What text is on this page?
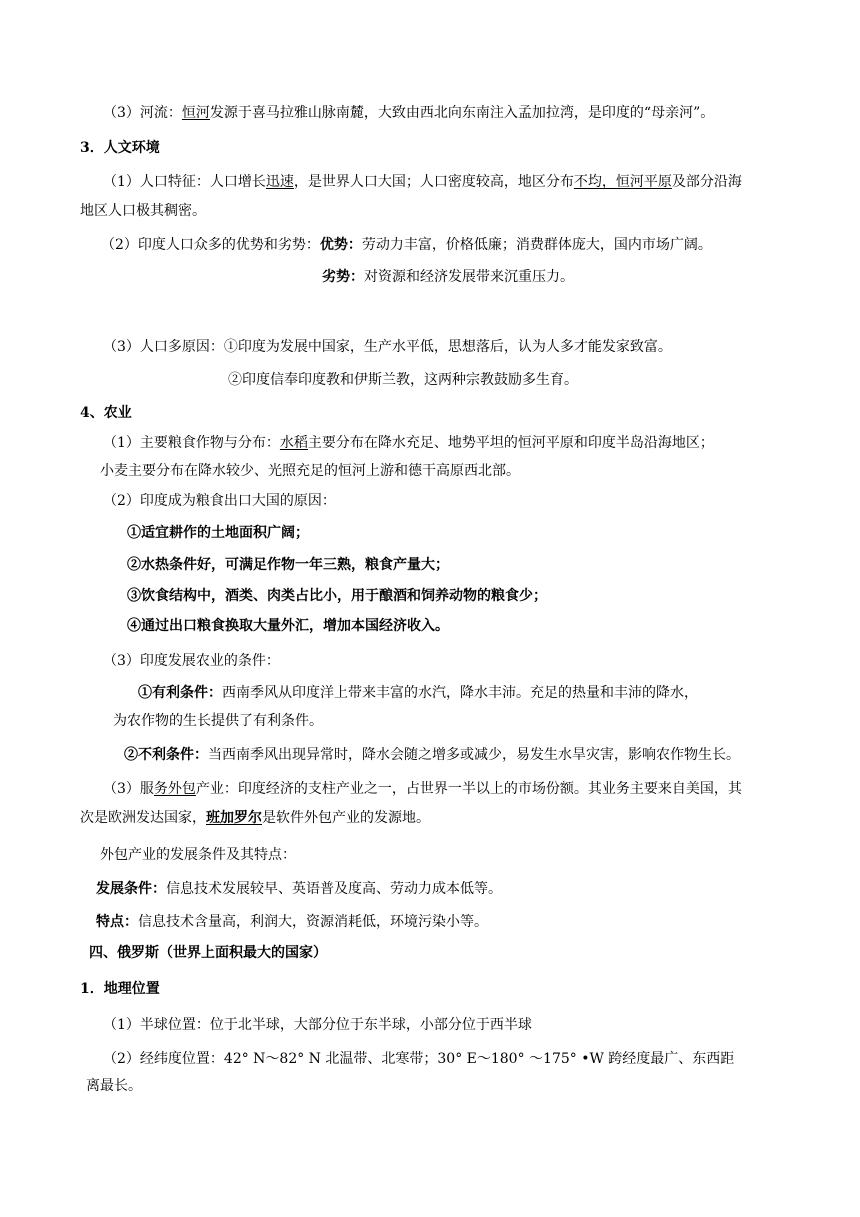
（3）河流：恒河发源于喜马拉雅山脉南麓，大致由西北向东南注入孟加拉湾，是印度的“母亲河”。
3．人文环境
（1）人口特征：人口增长迅速，是世界人口大国；人口密度较高，地区分布不均，恒河平原及部分沿海
地区人口极其稠密。
（2）印度人口众多的优势和劣势：优势：劳动力丰富，价格低廉；消费群体庞大，国内市场广阔。
劣势：对资源和经济发展带来沉重压力。
（3）人口多原因：①印度为发展中国家，生产水平低，思想落后，认为人多才能发家致富。
②印度信奉印度教和伊斯兰教，这两种宗教鼓励多生育。
4、农业
（1）主要粮食作物与分布：水稻主要分布在降水充足、地势平坦的恒河平原和印度半岛沿海地区；
小麦主要分布在降水较少、光照充足的恒河上游和德干高原西北部。
（2）印度成为粮食出口大国的原因：
①适宜耕作的土地面积广阔；
②水热条件好，可满足作物一年三熟，粮食产量大；
③饮食结构中，酒类、肉类占比小，用于酿酒和饲养动物的粮食少；
④通过出口粮食换取大量外汇，增加本国经济收入。
（3）印度发展农业的条件：
①有利条件：西南季风从印度洋上带来丰富的水汽，降水丰沛。充足的热量和丰沛的降水，
为农作物的生长提供了有利条件。
②不利条件：当西南季风出现异常时，降水会随之增多或减少，易发生水旱灾害，影响农作物生长。
（3）服务外包产业：印度经济的支柱产业之一，占世界一半以上的市场份额。其业务主要来自美国，其
次是欧洲发达国家，班加罗尔是软件外包产业的发源地。
外包产业的发展条件及其特点：
发展条件：信息技术发展较早、英语普及度高、劳动力成本低等。
特点：信息技术含量高，利润大，资源消耗低，环境污染小等。
四、俄罗斯（世界上面积最大的国家）
1．地理位置
（1）半球位置：位于北半球，大部分位于东半球，小部分位于西半球
（2）经纬度位置：42° N～82° N 北温带、北寒带；30° E～180° ～175° •W 跨经度最广、东西距
离最长。
